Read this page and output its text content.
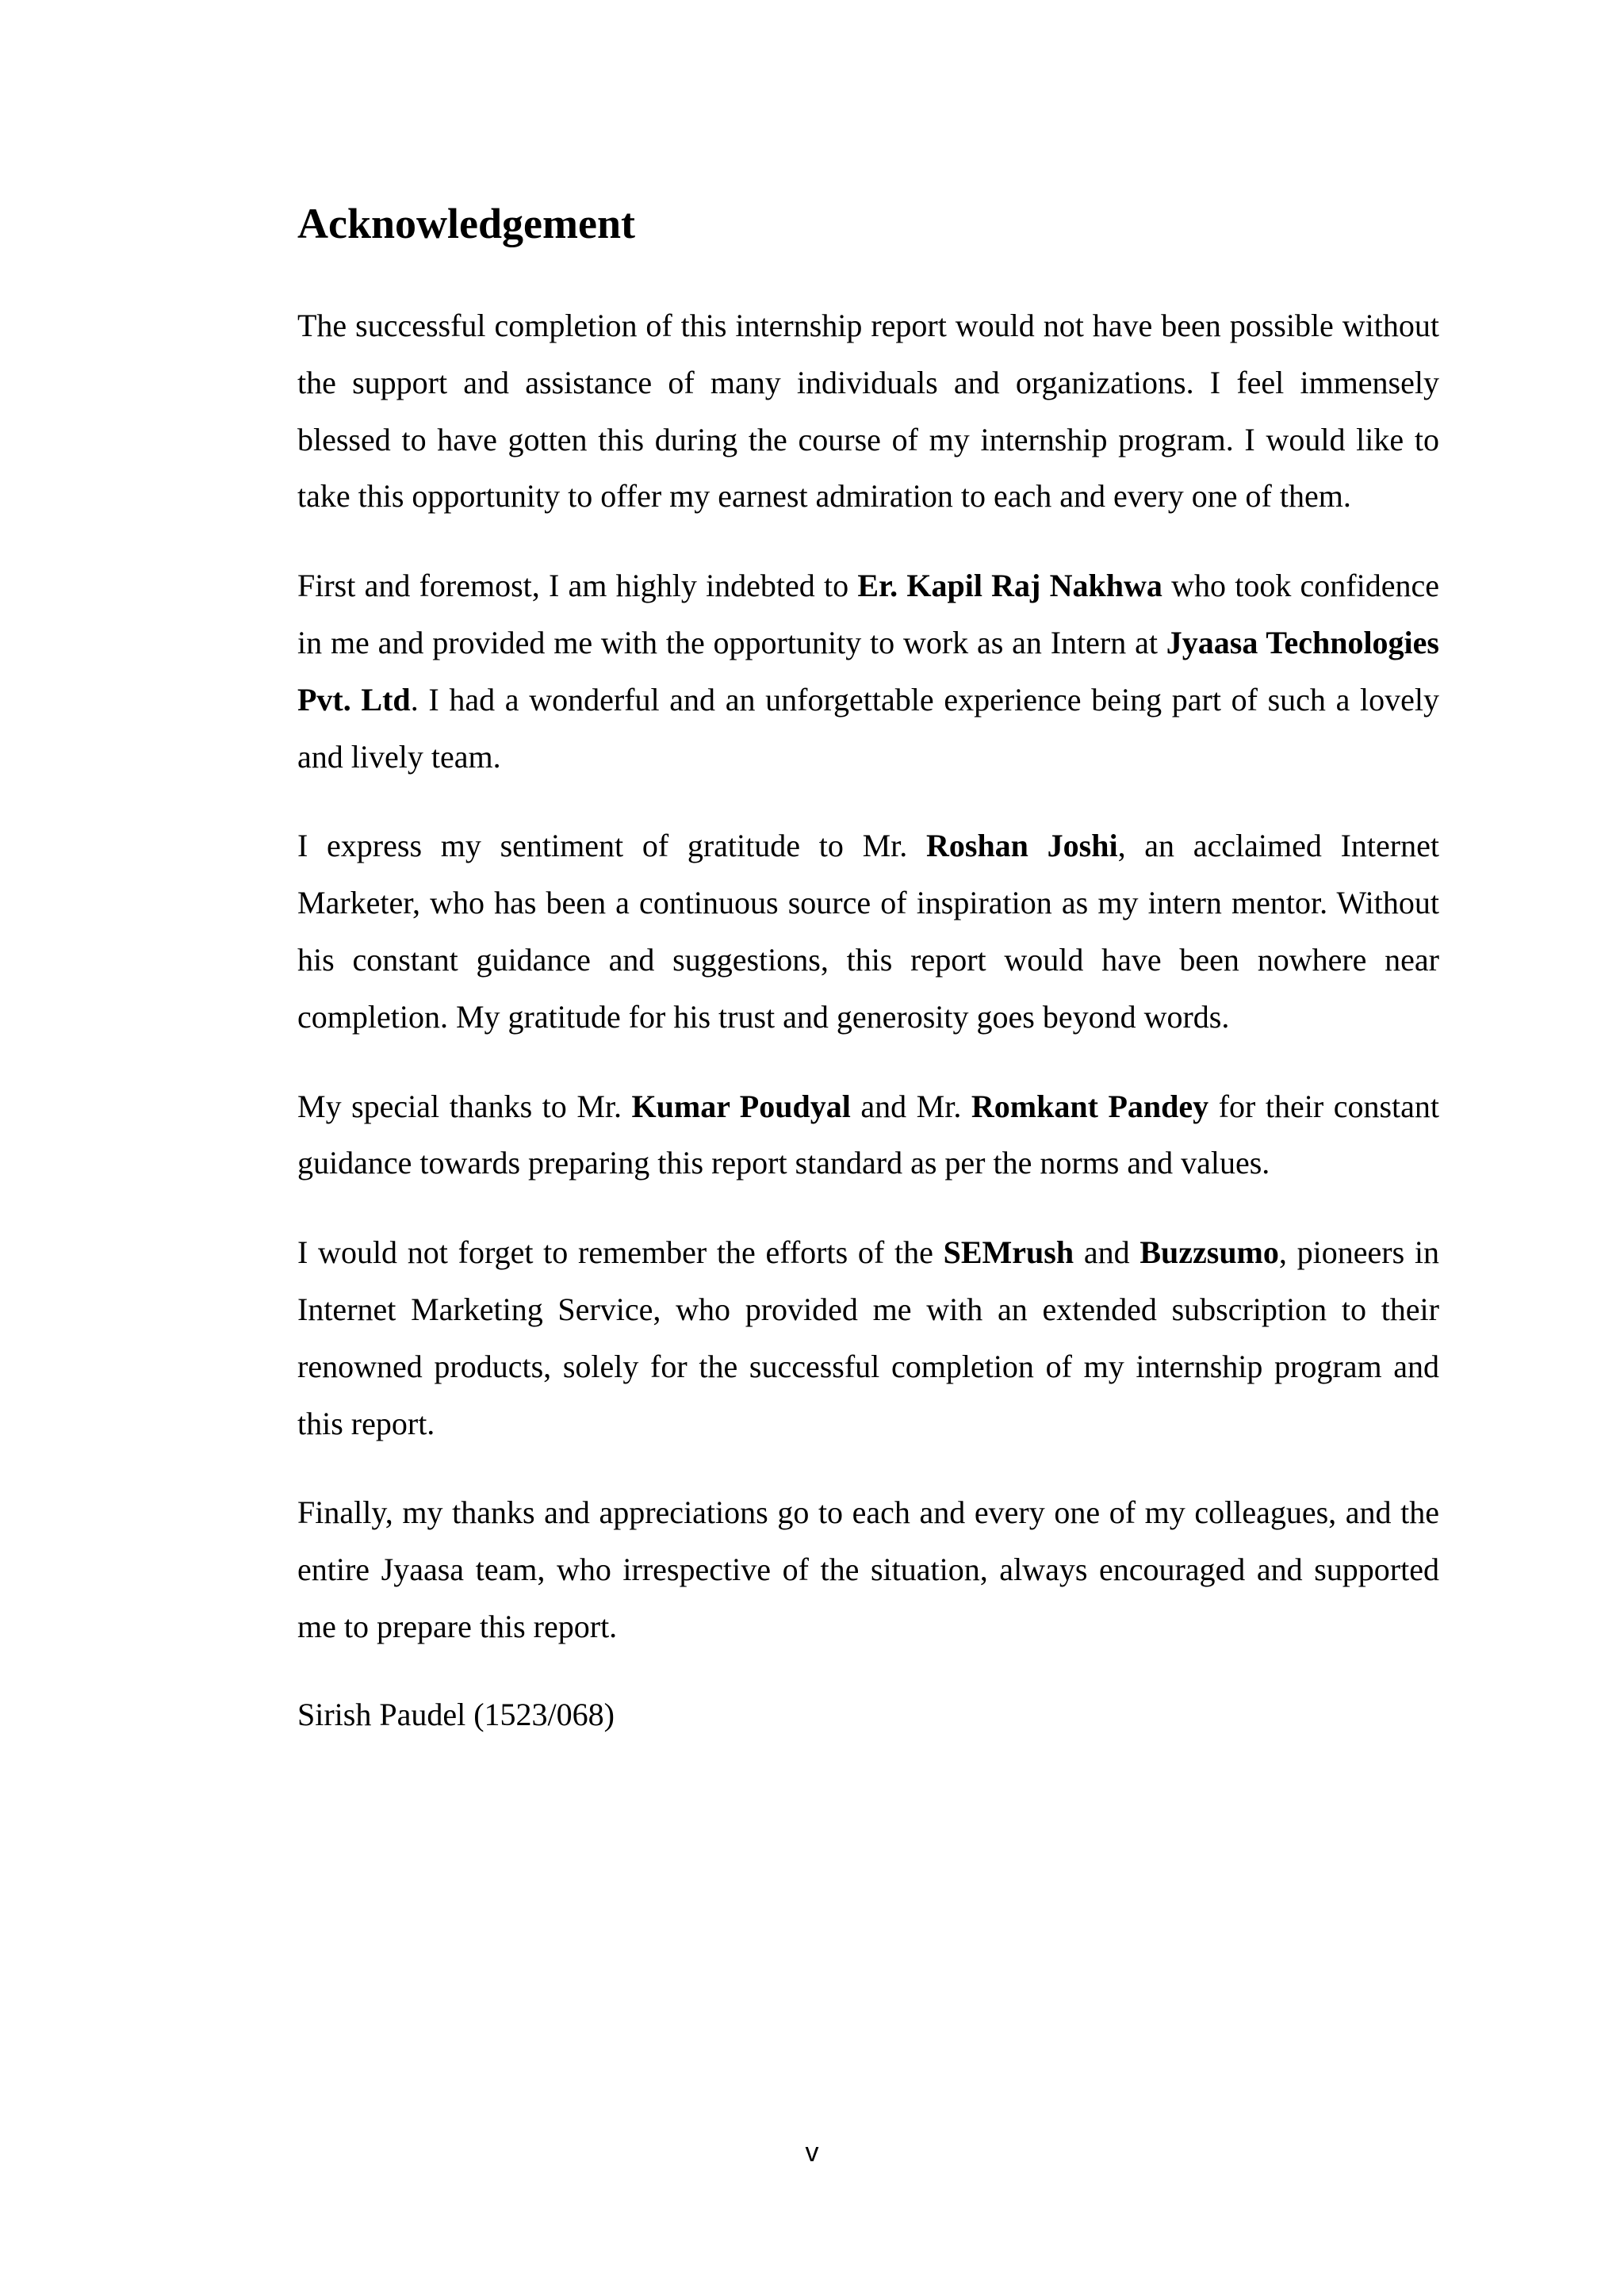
Acknowledgement

The successful completion of this internship report would not have been possible without the support and assistance of many individuals and organizations. I feel immensely blessed to have gotten this during the course of my internship program. I would like to take this opportunity to offer my earnest admiration to each and every one of them.

First and foremost, I am highly indebted to Er. Kapil Raj Nakhwa who took confidence in me and provided me with the opportunity to work as an Intern at Jyaasa Technologies Pvt. Ltd. I had a wonderful and an unforgettable experience being part of such a lovely and lively team.

I express my sentiment of gratitude to Mr. Roshan Joshi, an acclaimed Internet Marketer, who has been a continuous source of inspiration as my intern mentor. Without his constant guidance and suggestions, this report would have been nowhere near completion. My gratitude for his trust and generosity goes beyond words.

My special thanks to Mr. Kumar Poudyal and Mr. Romkant Pandey for their constant guidance towards preparing this report standard as per the norms and values.

I would not forget to remember the efforts of the SEMrush and Buzzsumo, pioneers in Internet Marketing Service, who provided me with an extended subscription to their renowned products, solely for the successful completion of my internship program and this report.

Finally, my thanks and appreciations go to each and every one of my colleagues, and the entire Jyaasa team, who irrespective of the situation, always encouraged and supported me to prepare this report.

Sirish Paudel (1523/068)

v
